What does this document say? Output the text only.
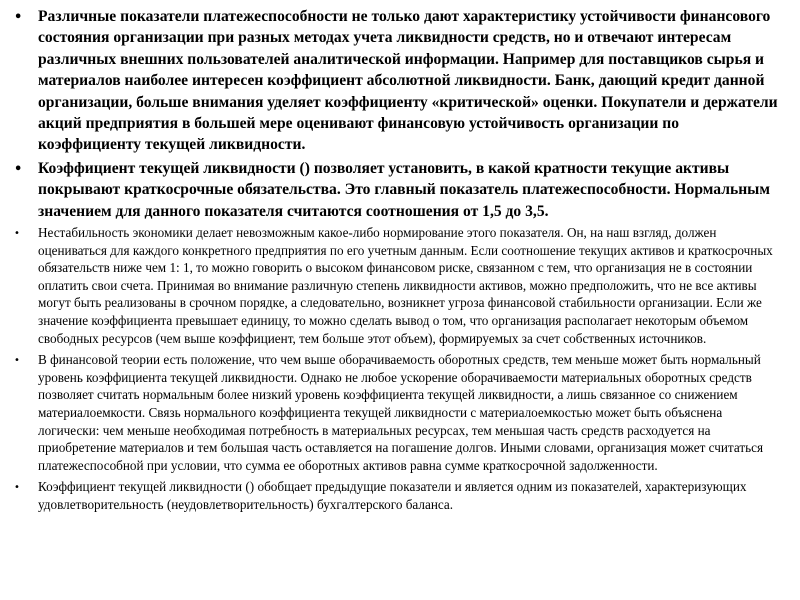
• Различные показатели платежеспособности не только дают характеристику устойчивости финансового состояния организации при разных методах учета ликвидности средств, но и отвечают интересам различных внешних пользователей аналитической информации. Например для поставщиков сырья и материалов наиболее интересен коэффициент абсолютной ликвидности. Банк, дающий кредит данной организации, больше внимания уделяет коэффициенту «критической» оценки. Покупатели и держатели акций предприятия в большей мере оценивают финансовую устойчивость организации по коэффициенту текущей ликвидности.
• Коэффициент текущей ликвидности () позволяет установить, в какой кратности текущие активы покрывают краткосрочные обязательства. Это главный показатель платежеспособности. Нормальным значением для данного показателя считаются соотношения от 1,5 до 3,5.
• Нестабильность экономики делает невозможным какое-либо нормирование этого показателя. Он, на наш взгляд, должен оцениваться для каждого конкретного предприятия по его учетным данным. Если соотношение текущих активов и краткосрочных обязательств ниже чем 1: 1, то можно говорить о высоком финансовом риске, связанном с тем, что организация не в состоянии оплатить свои счета. Принимая во внимание различную степень ликвидности активов, можно предположить, что не все активы могут быть реализованы в срочном порядке, а следовательно, возникнет угроза финансовой стабильности организации. Если же значение коэффициента превышает единицу, то можно сделать вывод о том, что организация располагает некоторым объемом свободных ресурсов (чем выше коэффициент, тем больше этот объем), формируемых за счет собственных источников.
• В финансовой теории есть положение, что чем выше оборачиваемость оборотных средств, тем меньше может быть нормальный уровень коэффициента текущей ликвидности. Однако не любое ускорение оборачиваемости материальных оборотных средств позволяет считать нормальным более низкий уровень коэффициента текущей ликвидности, а лишь связанное со снижением материалоемкости. Связь нормального коэффициента текущей ликвидности с материалоемкостью может быть объяснена логически: чем меньше необходимая потребность в материальных ресурсах, тем меньшая часть средств расходуется на приобретение материалов и тем большая часть оставляется на погашение долгов. Иными словами, организация может считаться платежеспособной при условии, что сумма ее оборотных активов равна сумме краткосрочной задолженности.
• Коэффициент текущей ликвидности () обобщает предыдущие показатели и является одним из показателей, характеризующих удовлетворительность (неудовлетворительность) бухгалтерского баланса.
